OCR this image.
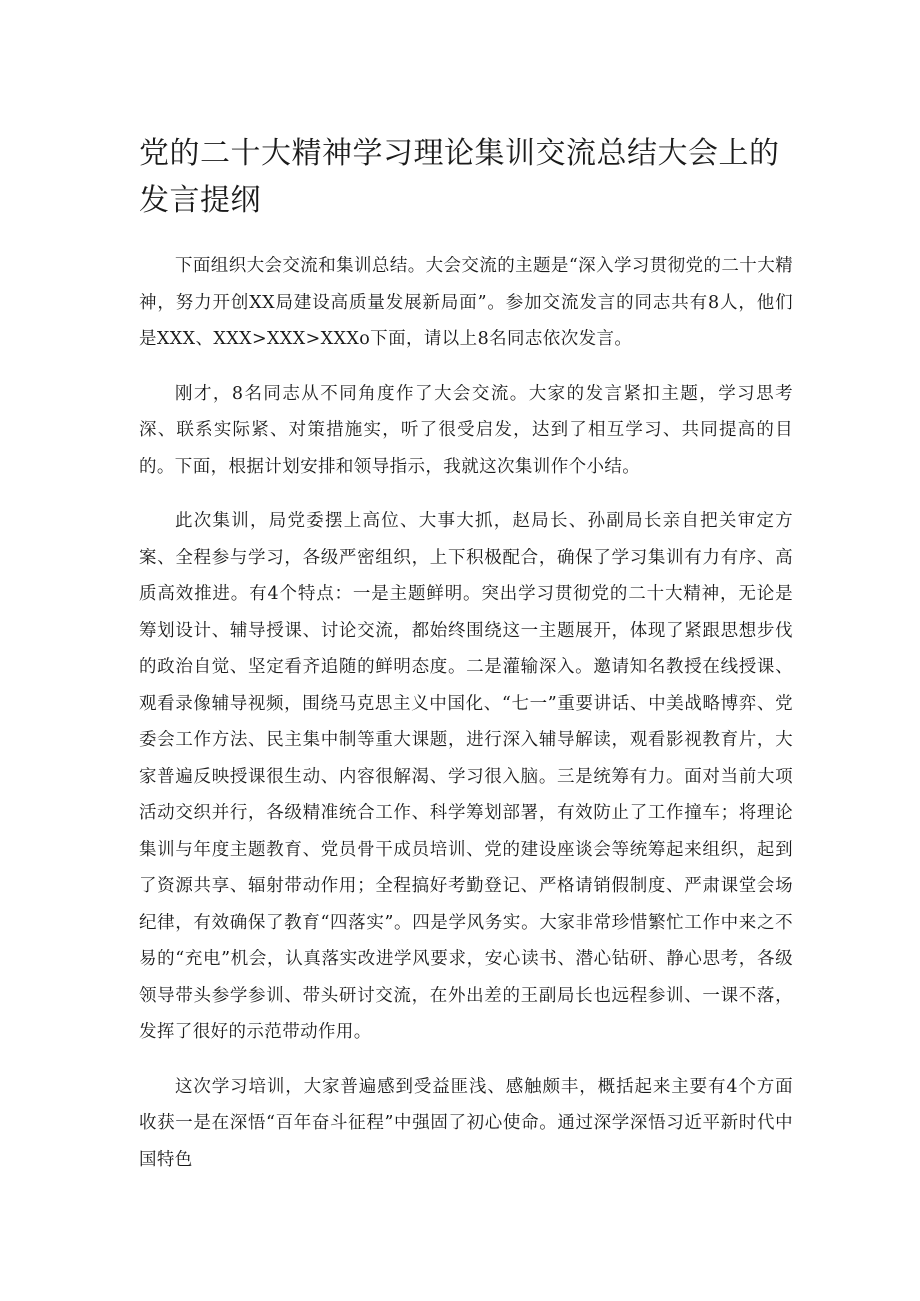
党的二十大精神学习理论集训交流总结大会上的发言提纲

下面组织大会交流和集训总结。大会交流的主题是“深入学习贯彻党的二十大精神，努力开创XX局建设高质量发展新局面”。参加交流发言的同志共有8人，他们是XXX、XXX>XXX>XXXo下面，请以上8名同志依次发言。

刚才，8名同志从不同角度作了大会交流。大家的发言紧扣主题，学习思考深、联系实际紧、对策措施实，听了很受启发，达到了相互学习、共同提高的目的。下面，根据计划安排和领导指示，我就这次集训作个小结。

此次集训，局党委摆上高位、大事大抓，赵局长、孙副局长亲自把关审定方案、全程参与学习，各级严密组织，上下积极配合，确保了学习集训有力有序、高质高效推进。有4个特点：一是主题鲜明。突出学习贯彻党的二十大精神，无论是筹划设计、辅导授课、讨论交流，都始终围绕这一主题展开，体现了紧跟思想步伐的政治自觉、坚定看齐追随的鲜明态度。二是灌输深入。邀请知名教授在线授课、观看录像辅导视频，围绕马克思主义中国化、“七一”重要讲话、中美战略博弈、党委会工作方法、民主集中制等重大课题，进行深入辅导解读，观看影视教育片，大家普遍反映授课很生动、内容很解渴、学习很入脑。三是统筹有力。面对当前大项活动交织并行，各级精准统合工作、科学筹划部署，有效防止了工作撞车；将理论集训与年度主题教育、党员骨干成员培训、党的建设座谈会等统筹起来组织，起到了资源共享、辐射带动作用；全程搞好考勤登记、严格请销假制度、严肃课堂会场纪律，有效确保了教育“四落实”。四是学风务实。大家非常珍惜繁忙工作中来之不易的“充电”机会，认真落实改进学风要求，安心读书、潜心钻研、静心思考，各级领导带头参学参训、带头研讨交流，在外出差的王副局长也远程参训、一课不落，发挥了很好的示范带动作用。

这次学习培训，大家普遍感到受益匪浅、感触颇丰，概括起来主要有4个方面收获一是在深悟“百年奋斗征程”中强固了初心使命。通过深学深悟习近平新时代中国特色
